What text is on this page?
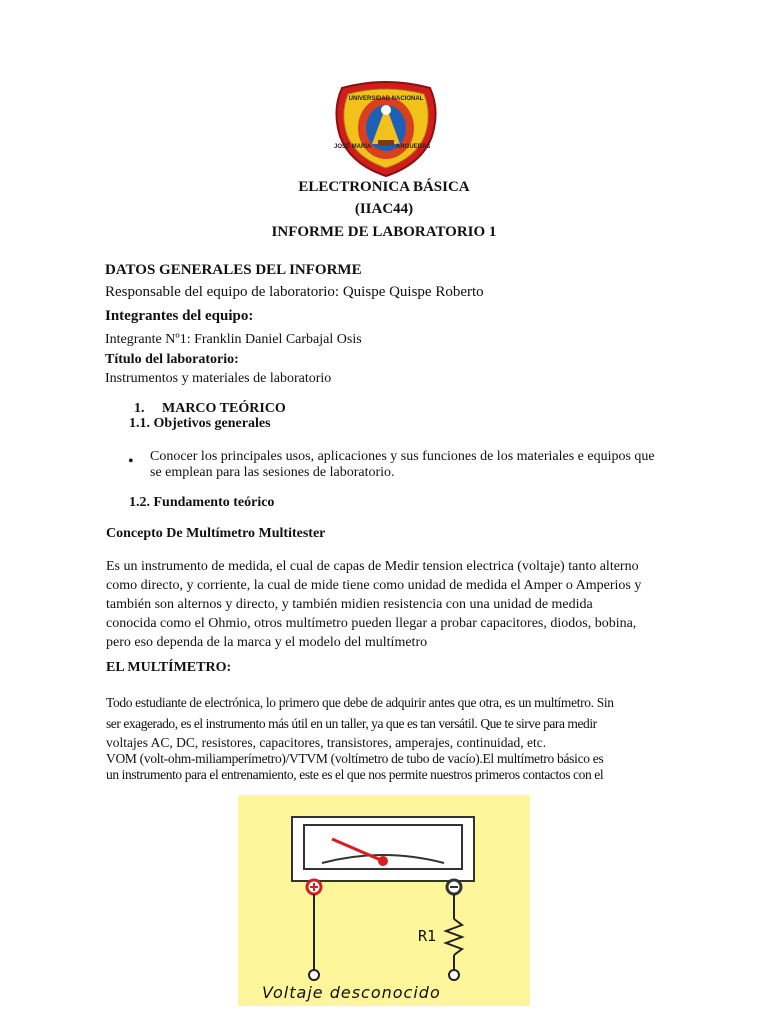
UNIVERSIDAD NACIONAL
JOSÉ MARÍA	ARGUEDAS
ELECTRONICA BÁSICA
(IIAC44)
INFORME DE LABORATORIO 1
DATOS GENERALES DEL INFORME
Responsable del equipo de laboratorio: Quispe Quispe Roberto
Integrantes del equipo:
Integrante Nº1: Franklin Daniel Carbajal Osis
Título del laboratorio:
Instrumentos y materiales de laboratorio
1. MARCO TEÓRICO
1.1. Objetivos generales
• Conocer los principales usos, aplicaciones y sus funciones de los materiales e equipos que
se emplean para las sesiones de laboratorio.
1.2. Fundamento teórico
Concepto De Multímetro Multitester
Es un instrumento de medida, el cual de capas de Medir tension electrica (voltaje) tanto alterno
como directo, y corriente, la cual de mide tiene como unidad de medida el Amper o Amperios y
también son alternos y directo, y también midien resistencia con una unidad de medida
conocida como el Ohmio, otros multímetro pueden llegar a probar capacitores, diodos, bobina,
pero eso dependa de la marca y el modelo del multímetro
EL MULTÍMETRO:
Todo estudiante de electrónica, lo primero que debe de adquirir antes que otra, es un multímetro. Sin
ser exagerado, es el instrumento más útil en un taller, ya que es tan versátil. Que te sirve para medir
voltajes AC, DC, resistores, capacitores, transistores, amperajes, continuidad, etc.
VOM (volt-ohm-miliamperímetro)/VTVM (voltímetro de tubo de vacío).El multímetro básico es
un instrumento para el entrenamiento, este es el que nos permite nuestros primeros contactos con el
R1
Voltaje desconocido
